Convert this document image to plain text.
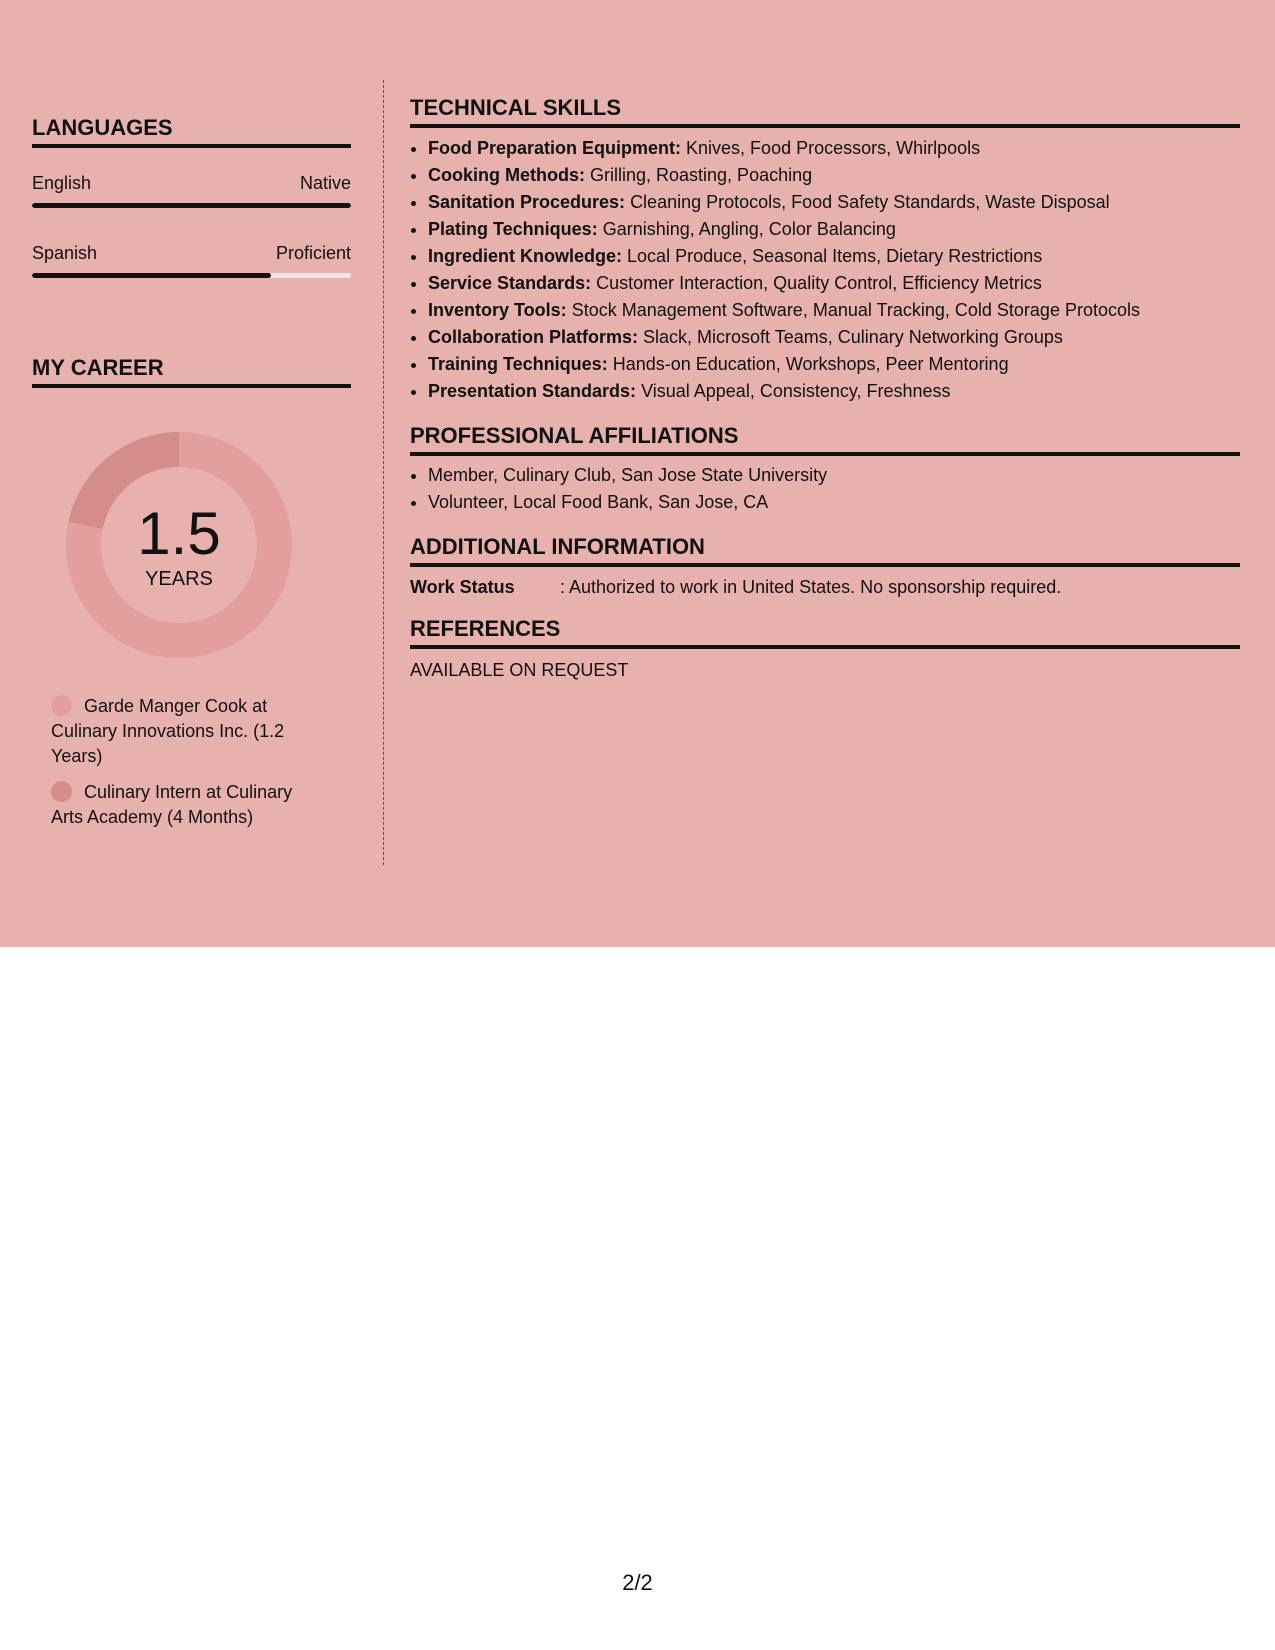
LANGUAGES
English	Native
Spanish	Proficient
MY CAREER
1.5
YEARS
Garde Manger Cook at Culinary Innovations Inc. (1.2 Years)
Culinary Intern at Culinary Arts Academy (4 Months)
TECHNICAL SKILLS
• Food Preparation Equipment: Knives, Food Processors, Whirlpools
• Cooking Methods: Grilling, Roasting, Poaching
• Sanitation Procedures: Cleaning Protocols, Food Safety Standards, Waste Disposal
• Plating Techniques: Garnishing, Angling, Color Balancing
• Ingredient Knowledge: Local Produce, Seasonal Items, Dietary Restrictions
• Service Standards: Customer Interaction, Quality Control, Efficiency Metrics
• Inventory Tools: Stock Management Software, Manual Tracking, Cold Storage Protocols
• Collaboration Platforms: Slack, Microsoft Teams, Culinary Networking Groups
• Training Techniques: Hands-on Education, Workshops, Peer Mentoring
• Presentation Standards: Visual Appeal, Consistency, Freshness
PROFESSIONAL AFFILIATIONS
• Member, Culinary Club, San Jose State University
• Volunteer, Local Food Bank, San Jose, CA
ADDITIONAL INFORMATION
Work Status	: Authorized to work in United States. No sponsorship required.
REFERENCES
AVAILABLE ON REQUEST
2/2
